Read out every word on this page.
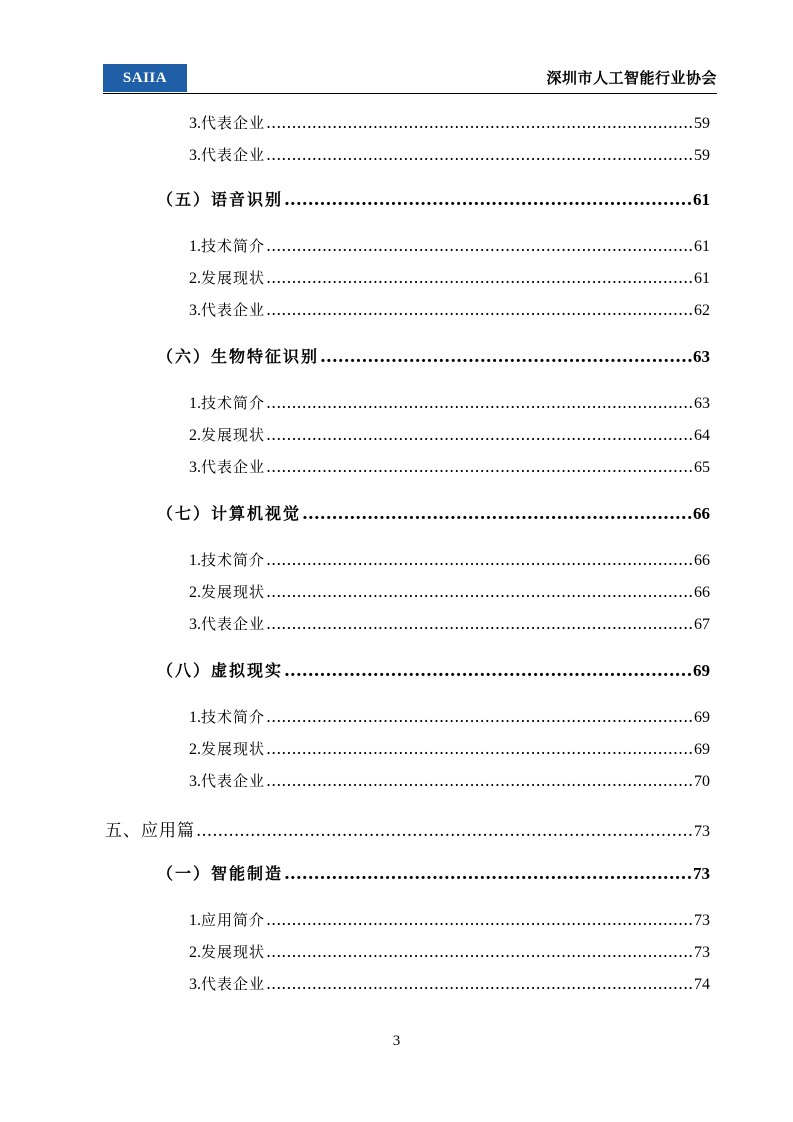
SAIIA	深圳市人工智能行业协会
3.代表企业 .....	59
3.代表企业 .....	59
（五）语音识别 .....	61
1.技术简介 .....	61
2.发展现状 .....	61
3.代表企业 .....	62
（六）生物特征识别 .....	63
1.技术简介 .....	63
2.发展现状 .....	64
3.代表企业 .....	65
（七）计算机视觉 .....	66
1.技术简介 .....	66
2.发展现状 .....	66
3.代表企业 .....	67
（八）虚拟现实 .....	69
1.技术简介 .....	69
2.发展现状 .....	69
3.代表企业 .....	70
五、应用篇 .....	73
（一）智能制造 .....	73
1.应用简介 .....	73
2.发展现状 .....	73
3.代表企业 .....	74
3
